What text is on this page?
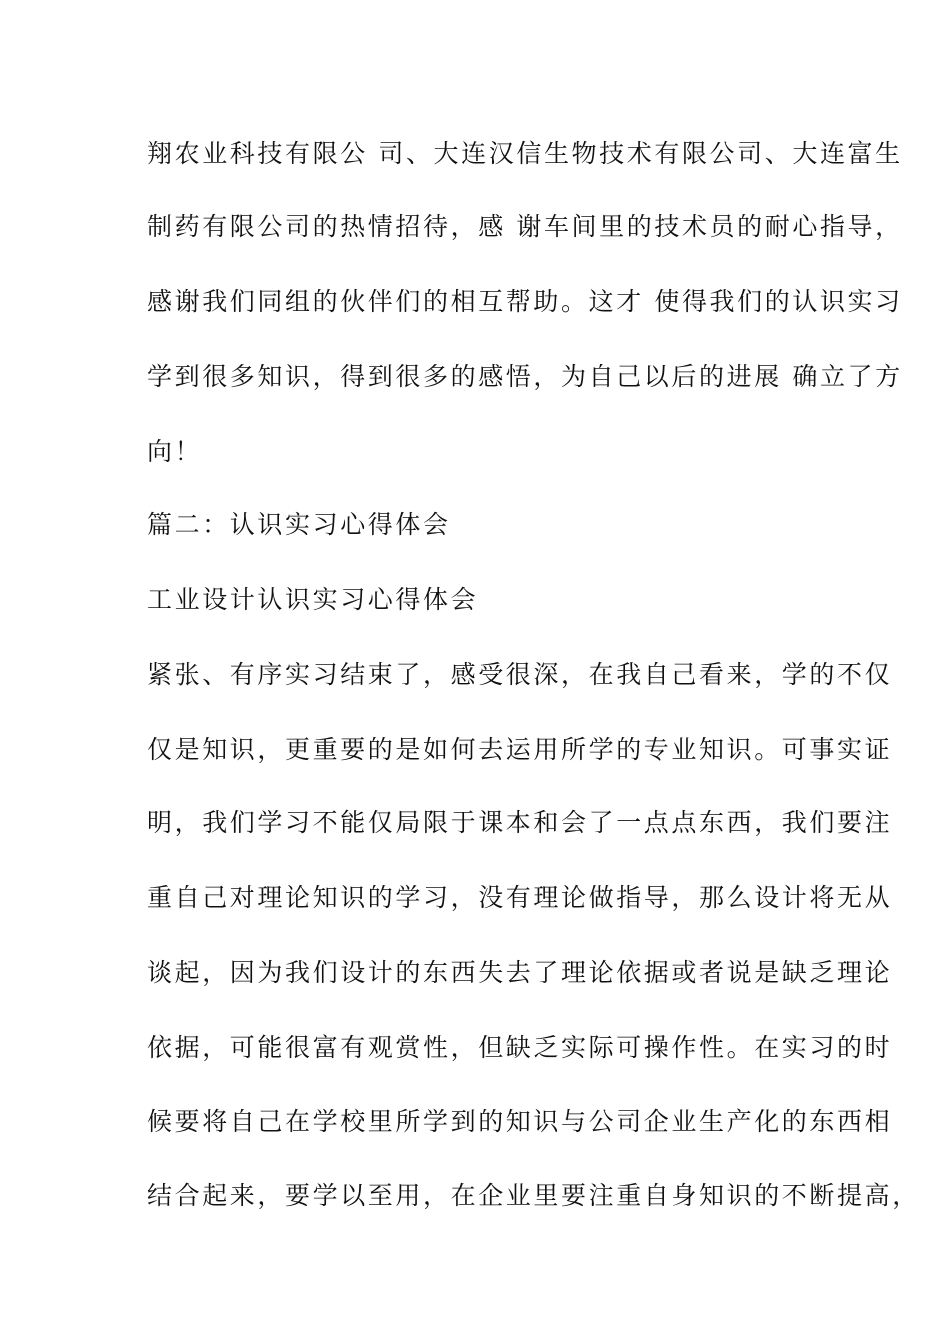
翔农业科技有限公 司、大连汉信生物技术有限公司、大连富生
制药有限公司的热情招待，感 谢车间里的技术员的耐心指导，
感谢我们同组的伙伴们的相互帮助。这才 使得我们的认识实习
学到很多知识，得到很多的感悟，为自己以后的进展 确立了方
向！
篇二：认识实习心得体会
工业设计认识实习心得体会
紧张、有序实习结束了，感受很深，在我自己看来，学的不仅
仅是知识，更重要的是如何去运用所学的专业知识。可事实证
明，我们学习不能仅局限于课本和会了一点点东西，我们要注
重自己对理论知识的学习，没有理论做指导，那么设计将无从
谈起，因为我们设计的东西失去了理论依据或者说是缺乏理论
依据，可能很富有观赏性，但缺乏实际可操作性。在实习的时
候要将自己在学校里所学到的知识与公司企业生产化的东西相
结合起来，要学以至用，在企业里要注重自身知识的不断提高，
